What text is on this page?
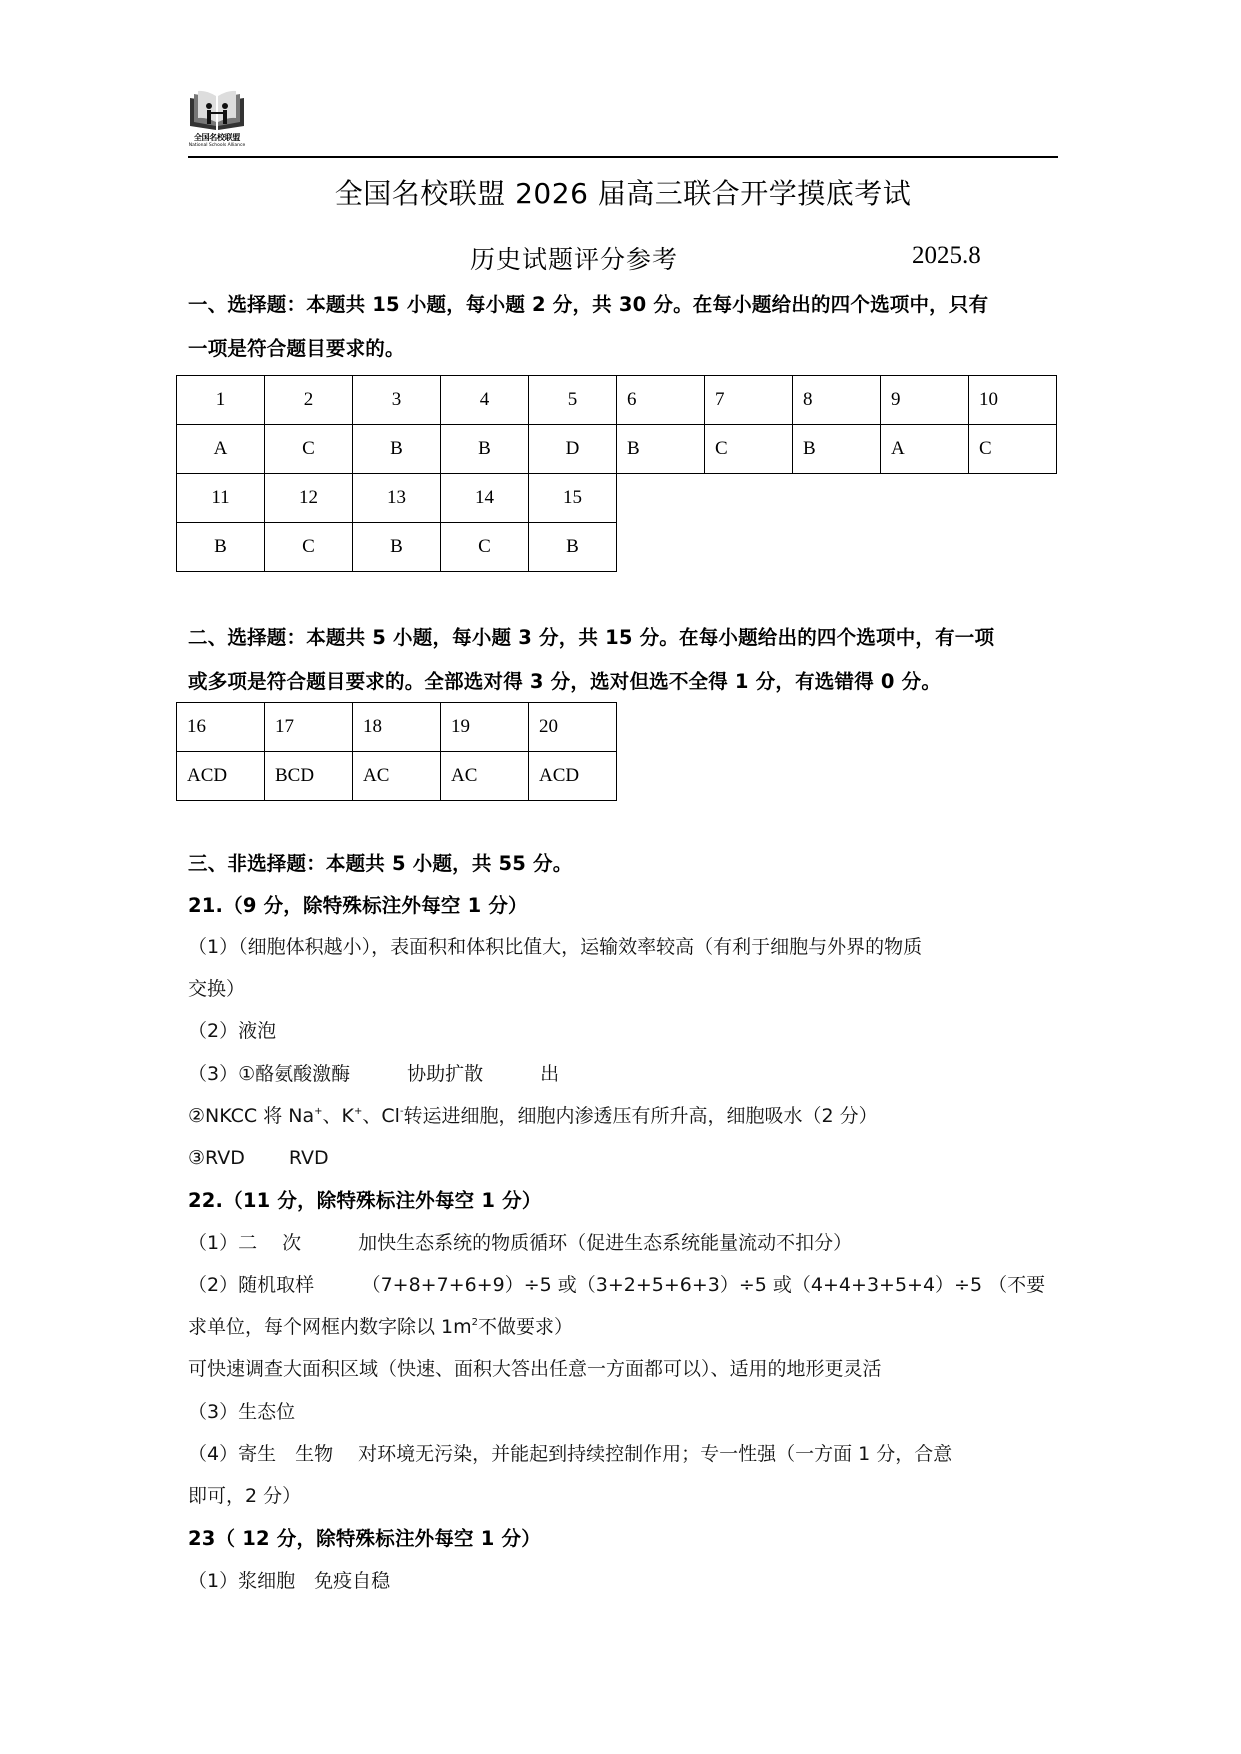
全国名校联盟
National Schools Alliance
全国名校联盟 2026 届高三联合开学摸底考试
历史试题评分参考	2025.8
一、选择题：本题共 15 小题，每小题 2 分，共 30 分。在每小题给出的四个选项中，只有
一项是符合题目要求的。
1	2	3	4	5	6	7	8	9	10
A	C	B	B	D	B	C	B	A	C
11	12	13	14	15					
B	C	B	C	B					
二、选择题：本题共 5 小题，每小题 3 分，共 15 分。在每小题给出的四个选项中，有一项
或多项是符合题目要求的。全部选对得 3 分，选对但选不全得 1 分，有选错得 0 分。
16	17	18	19	20
ACD	BCD	AC	AC	ACD
三、非选择题：本题共 5 小题，共 55 分。
21.（9 分，除特殊标注外每空 1 分）
（1）（细胞体积越小），表面积和体积比值大，运输效率较高（有利于细胞与外界的物质
交换）
（2）液泡
（3）①酪氨酸激酶　　　协助扩散　　　出
②NKCC 将 Na+、K+、Cl-转运进细胞，细胞内渗透压有所升高，细胞吸水（2 分）
③RVD　　 RVD
22.（11 分，除特殊标注外每空 1 分）
（1）二　 次　　　加快生态系统的物质循环（促进生态系统能量流动不扣分）
（2）随机取样　　　（7+8+7+6+9）÷5 或（3+2+5+6+3）÷5 或（4+4+3+5+4）÷5 （不要
求单位，每个网框内数字除以 $1m^2$不做要求）
可快速调查大面积区域（快速、面积大答出任意一方面都可以）、适用的地形更灵活
（3）生态位
（4）寄生　生物　 对环境无污染，并能起到持续控制作用；专一性强（一方面 1 分，合意
即可，2 分）
23（ 12 分，除特殊标注外每空 1 分）
（1）浆细胞　免疫自稳
